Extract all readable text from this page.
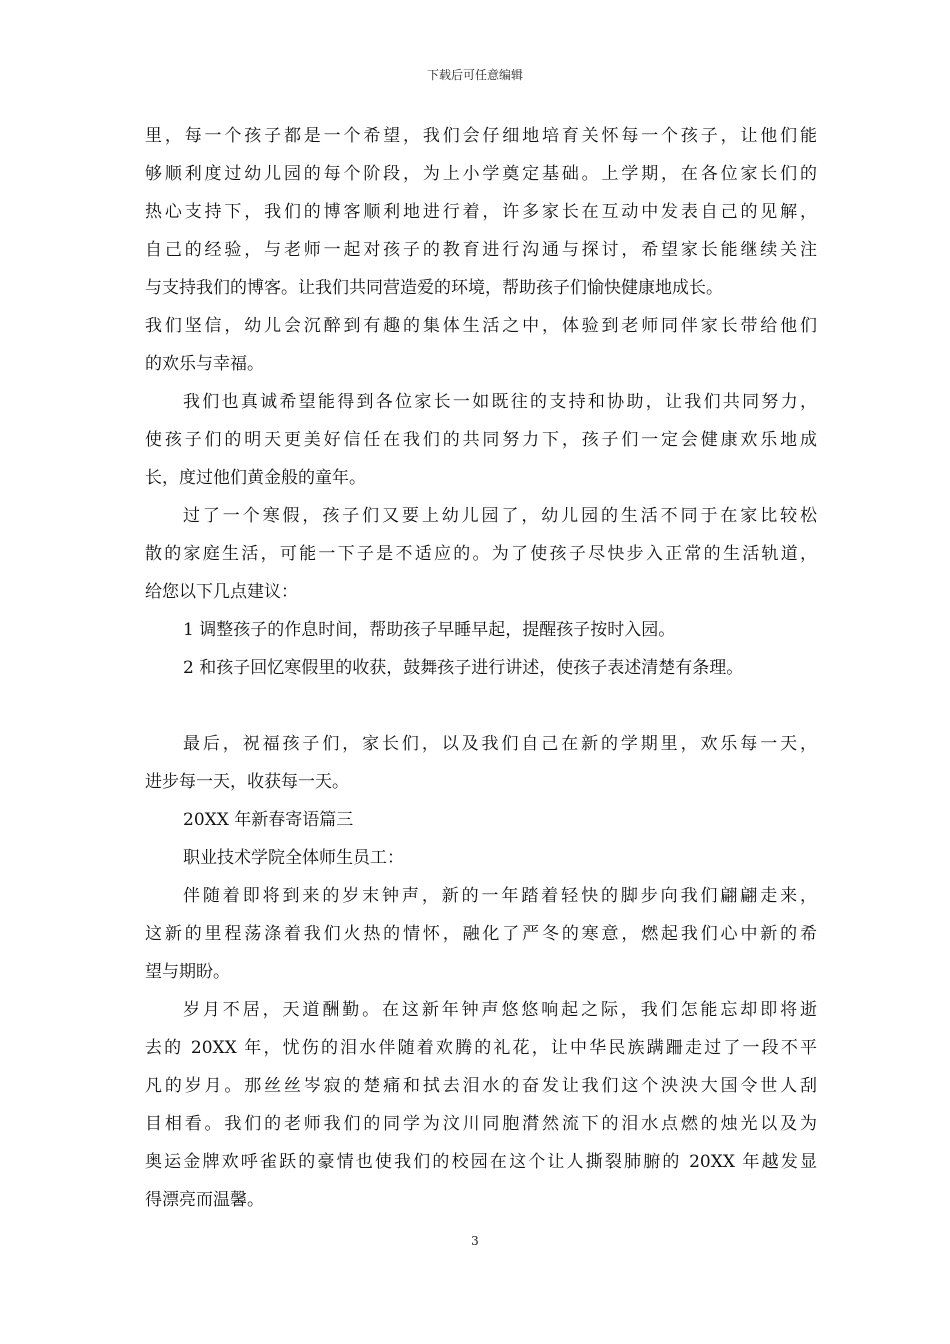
下载后可任意编辑
里，每一个孩子都是一个希望，我们会仔细地培育关怀每一个孩子，让他们能
够顺利度过幼儿园的每个阶段，为上小学奠定基础。上学期，在各位家长们的
热心支持下，我们的博客顺利地进行着，许多家长在互动中发表自己的见解，
自己的经验，与老师一起对孩子的教育进行沟通与探讨，希望家长能继续关注
与支持我们的博客。让我们共同营造爱的环境，帮助孩子们愉快健康地成长。
我们坚信，幼儿会沉醉到有趣的集体生活之中，体验到老师同伴家长带给他们
的欢乐与幸福。
我们也真诚希望能得到各位家长一如既往的支持和协助，让我们共同努力，
使孩子们的明天更美好信任在我们的共同努力下，孩子们一定会健康欢乐地成
长，度过他们黄金般的童年。
过了一个寒假，孩子们又要上幼儿园了，幼儿园的生活不同于在家比较松
散的家庭生活，可能一下子是不适应的。为了使孩子尽快步入正常的生活轨道，
给您以下几点建议：
1 调整孩子的作息时间，帮助孩子早睡早起，提醒孩子按时入园。
2 和孩子回忆寒假里的收获，鼓舞孩子进行讲述，使孩子表述清楚有条理。
最后，祝福孩子们，家长们，以及我们自己在新的学期里，欢乐每一天，
进步每一天，收获每一天。
20XX 年新春寄语篇三
职业技术学院全体师生员工：
伴随着即将到来的岁末钟声，新的一年踏着轻快的脚步向我们翩翩走来，
这新的里程荡涤着我们火热的情怀，融化了严冬的寒意，燃起我们心中新的希
望与期盼。
岁月不居，天道酬勤。在这新年钟声悠悠响起之际，我们怎能忘却即将逝
去的 20XX 年，忧伤的泪水伴随着欢腾的礼花，让中华民族蹒跚走过了一段不平
凡的岁月。那丝丝岑寂的楚痛和拭去泪水的奋发让我们这个泱泱大国令世人刮
目相看。我们的老师我们的同学为汶川同胞潸然流下的泪水点燃的烛光以及为
奥运金牌欢呼雀跃的豪情也使我们的校园在这个让人撕裂肺腑的 20XX 年越发显
得漂亮而温馨。
3
